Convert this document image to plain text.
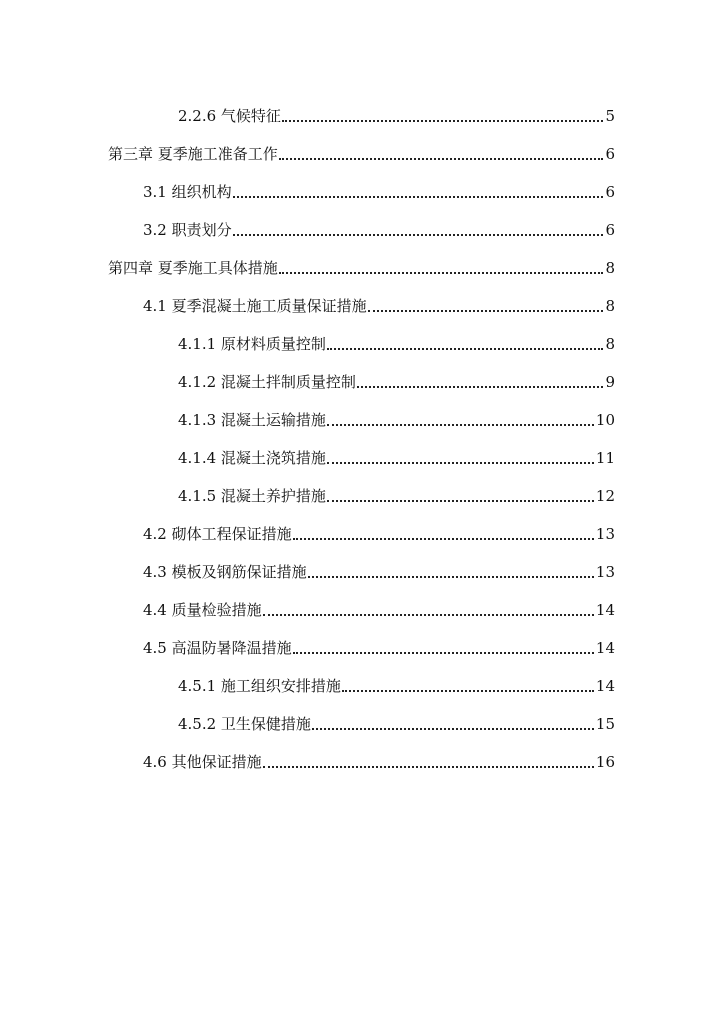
2.2.6 气候特征	5
第三章 夏季施工准备工作	6
3.1 组织机构	6
3.2 职责划分	6
第四章 夏季施工具体措施	8
4.1 夏季混凝土施工质量保证措施	8
4.1.1 原材料质量控制	8
4.1.2 混凝土拌制质量控制	9
4.1.3 混凝土运输措施	10
4.1.4 混凝土浇筑措施	11
4.1.5 混凝土养护措施	12
4.2 砌体工程保证措施	13
4.3 模板及钢筋保证措施	13
4.4 质量检验措施	14
4.5 高温防暑降温措施	14
4.5.1 施工组织安排措施	14
4.5.2 卫生保健措施	15
4.6 其他保证措施	16
